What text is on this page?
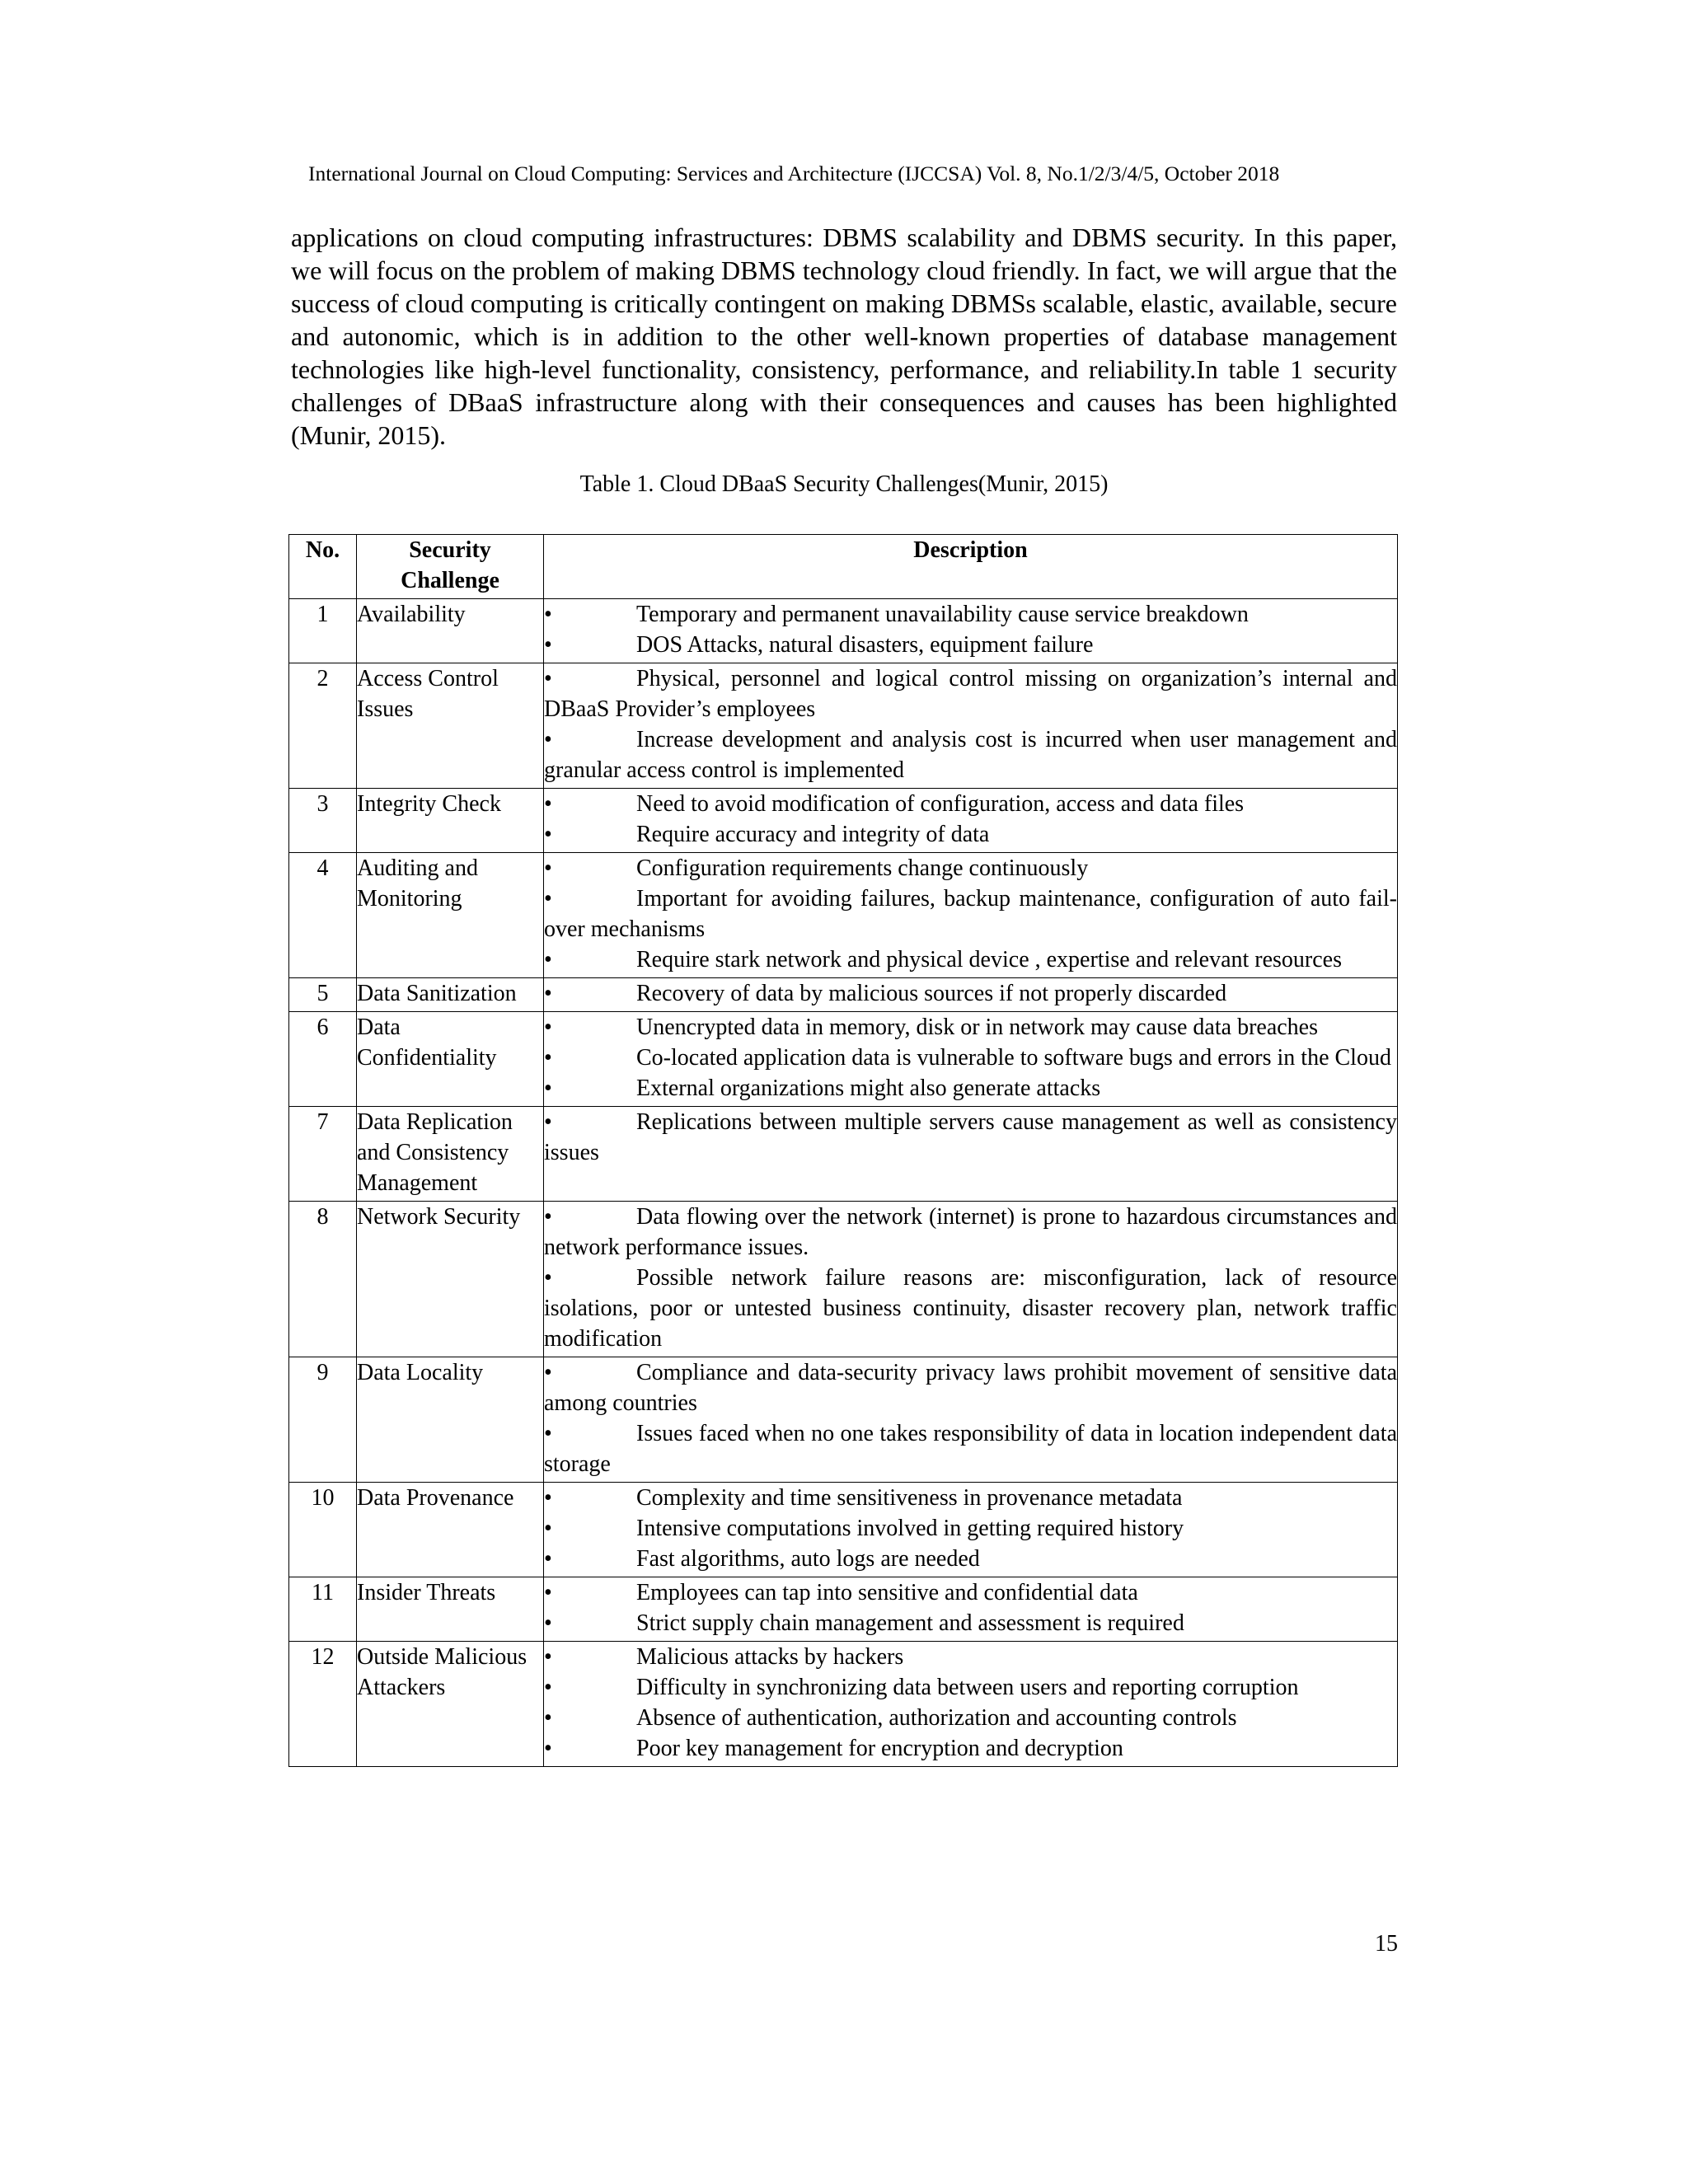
International Journal on Cloud Computing: Services and Architecture (IJCCSA) Vol. 8, No.1/2/3/4/5, October 2018

applications on cloud computing infrastructures: DBMS scalability and DBMS security. In this paper, we will focus on the problem of making DBMS technology cloud friendly. In fact, we will argue that the success of cloud computing is critically contingent on making DBMSs scalable, elastic, available, secure and autonomic, which is in addition to the other well-known properties of database management technologies like high-level functionality, consistency, performance, and reliability.In table 1 security challenges of DBaaS infrastructure along with their consequences and causes has been highlighted (Munir, 2015).

Table 1. Cloud DBaaS Security Challenges(Munir, 2015)
No.	Security Challenge	Description
1	Availability	• Temporary and permanent unavailability cause service breakdown
• DOS Attacks, natural disasters, equipment failure

2	Access Control Issues	• Physical, personnel and logical control missing on organization’s internal and DBaaS Provider’s employees
• Increase development and analysis cost is incurred when user management and granular access control is implemented

3	Integrity Check	• Need to avoid modification of configuration, access and data files
• Require accuracy and integrity of data

4	Auditing and Monitoring	• Configuration requirements change continuously
• Important for avoiding failures, backup maintenance, configuration of auto fail-over mechanisms
• Require stark network and physical device , expertise and relevant resources

5	Data Sanitization	• Recovery of data by malicious sources if not properly discarded

6	Data Confidentiality	• Unencrypted data in memory, disk or in network may cause data breaches
• Co-located application data is vulnerable to software bugs and errors in the Cloud
• External organizations might also generate attacks

7	Data Replication and Consistency Management	• Replications between multiple servers cause management as well as consistency issues

8	Network Security	• Data flowing over the network (internet) is prone to hazardous circumstances and network performance issues.
• Possible network failure reasons are: misconfiguration, lack of resource isolations, poor or untested business continuity, disaster recovery plan, network traffic modification

9	Data Locality	• Compliance and data-security privacy laws prohibit movement of sensitive data among countries
• Issues faced when no one takes responsibility of data in location independent data storage

10	Data Provenance	• Complexity and time sensitiveness in provenance metadata
• Intensive computations involved in getting required history
• Fast algorithms, auto logs are needed

11	Insider Threats	• Employees can tap into sensitive and confidential data
• Strict supply chain management and assessment is required

12	Outside Malicious Attackers	• Malicious attacks by hackers
• Difficulty in synchronizing data between users and reporting corruption
• Absence of authentication, authorization and accounting controls
• Poor key management for encryption and decryption
15
